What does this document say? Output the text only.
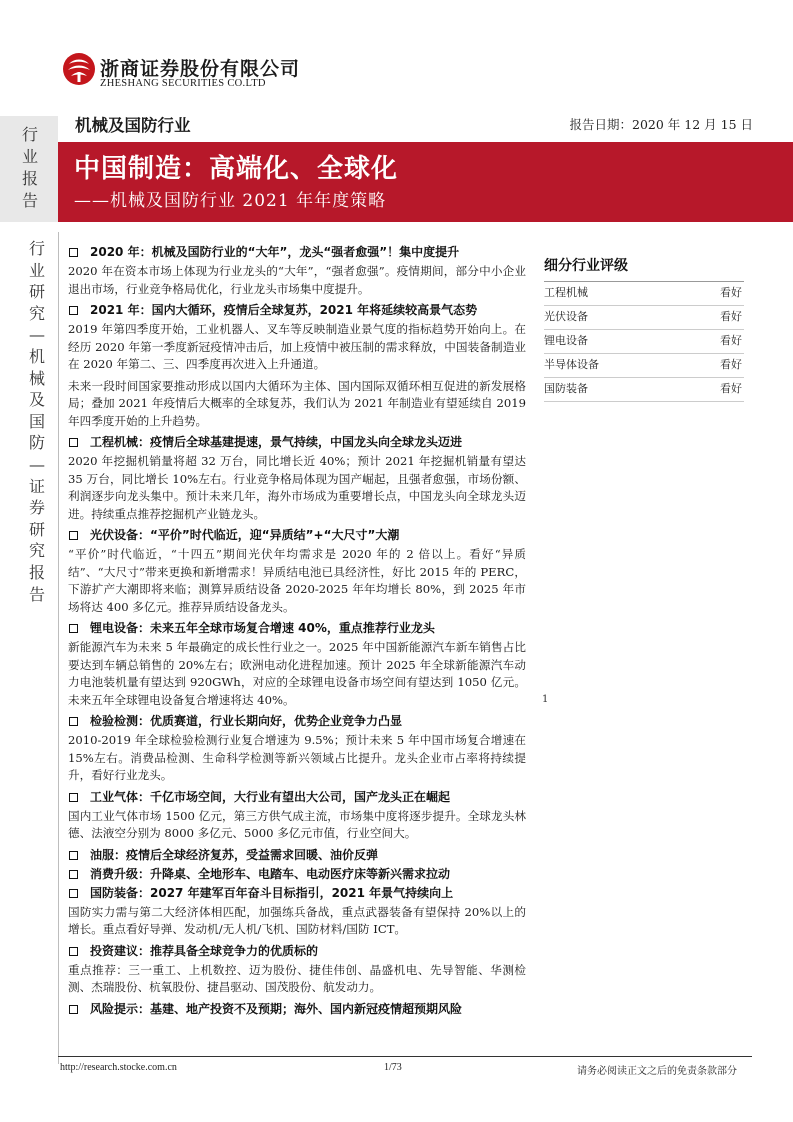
浙商证券股份有限公司
ZHESHANG SECURITIES CO.LTD
行业报告
机械及国防行业	报告日期：2020 年 12 月 15 日
中国制造：高端化、全球化
——机械及国防行业 2021 年年度策略
行业研究—机械及国防—证券研究报告
2020 年：机械及国防行业的“大年”，龙头“强者愈强”！集中度提升
2020 年在资本市场上体现为行业龙头的“大年”，“强者愈强”。疫情期间，部分中小企业退出市场，行业竞争格局优化，行业龙头市场集中度提升。
2021 年：国内大循环，疫情后全球复苏，2021 年将延续较高景气态势
2019 年第四季度开始，工业机器人、叉车等反映制造业景气度的指标趋势开始向上。在经历 2020 年第一季度新冠疫情冲击后，加上疫情中被压制的需求释放，中国装备制造业在 2020 年第二、三、四季度再次进入上升通道。
未来一段时间国家要推动形成以国内大循环为主体、国内国际双循环相互促进的新发展格局；叠加 2021 年疫情后大概率的全球复苏，我们认为 2021 年制造业有望延续自 2019 年四季度开始的上升趋势。
工程机械：疫情后全球基建提速，景气持续，中国龙头向全球龙头迈进
2020 年挖掘机销量将超 32 万台，同比增长近 40%；预计 2021 年挖掘机销量有望达 35 万台，同比增长 10%左右。行业竞争格局体现为国产崛起，且强者愈强，市场份额、利润逐步向龙头集中。预计未来几年，海外市场成为重要增长点，中国龙头向全球龙头迈进。持续重点推荐挖掘机产业链龙头。
光伏设备：“平价”时代临近，迎“异质结”+“大尺寸”大潮
“平价”时代临近，“十四五”期间光伏年均需求是 2020 年的 2 倍以上。看好“异质结”、“大尺寸”带来更换和新增需求！异质结电池已具经济性，好比 2015 年的 PERC，下游扩产大潮即将来临；测算异质结设备 2020-2025 年年均增长 80%，到 2025 年市场将达 400 多亿元。推荐异质结设备龙头。
锂电设备：未来五年全球市场复合增速 40%，重点推荐行业龙头
新能源汽车为未来 5 年最确定的成长性行业之一。2025 年中国新能源汽车新车销售占比要达到车辆总销售的 20%左右；欧洲电动化进程加速。预计 2025 年全球新能源汽车动力电池装机量有望达到 920GWh，对应的全球锂电设备市场空间有望达到 1050 亿元。未来五年全球锂电设备复合增速将达 40%。
检验检测：优质赛道，行业长期向好，优势企业竞争力凸显
2010-2019 年全球检验检测行业复合增速为 9.5%；预计未来 5 年中国市场复合增速在 15%左右。消费品检测、生命科学检测等新兴领域占比提升。龙头企业市占率将持续提升，看好行业龙头。
工业气体：千亿市场空间，大行业有望出大公司，国产龙头正在崛起
国内工业气体市场 1500 亿元，第三方供气成主流，市场集中度将逐步提升。全球龙头林德、法液空分别为 8000 多亿元、5000 多亿元市值，行业空间大。
油服：疫情后全球经济复苏，受益需求回暖、油价反弹
消费升级：升降桌、全地形车、电踏车、电动医疗床等新兴需求拉动
国防装备：2027 年建军百年奋斗目标指引，2021 年景气持续向上
国防实力需与第二大经济体相匹配，加强练兵备战，重点武器装备有望保持 20%以上的增长。重点看好导弹、发动机/无人机/飞机、国防材料/国防 ICT。
投资建议：推荐具备全球竞争力的优质标的
重点推荐：三一重工、上机数控、迈为股份、捷佳伟创、晶盛机电、先导智能、华测检测、杰瑞股份、杭氧股份、捷昌驱动、国茂股份、航发动力。
风险提示：基建、地产投资不及预期；海外、国内新冠疫情超预期风险
细分行业评级
工程机械	看好
光伏设备	看好
锂电设备	看好
半导体设备	看好
国防装备	看好
1
http://research.stocke.com.cn	1/73	请务必阅读正文之后的免责条款部分
